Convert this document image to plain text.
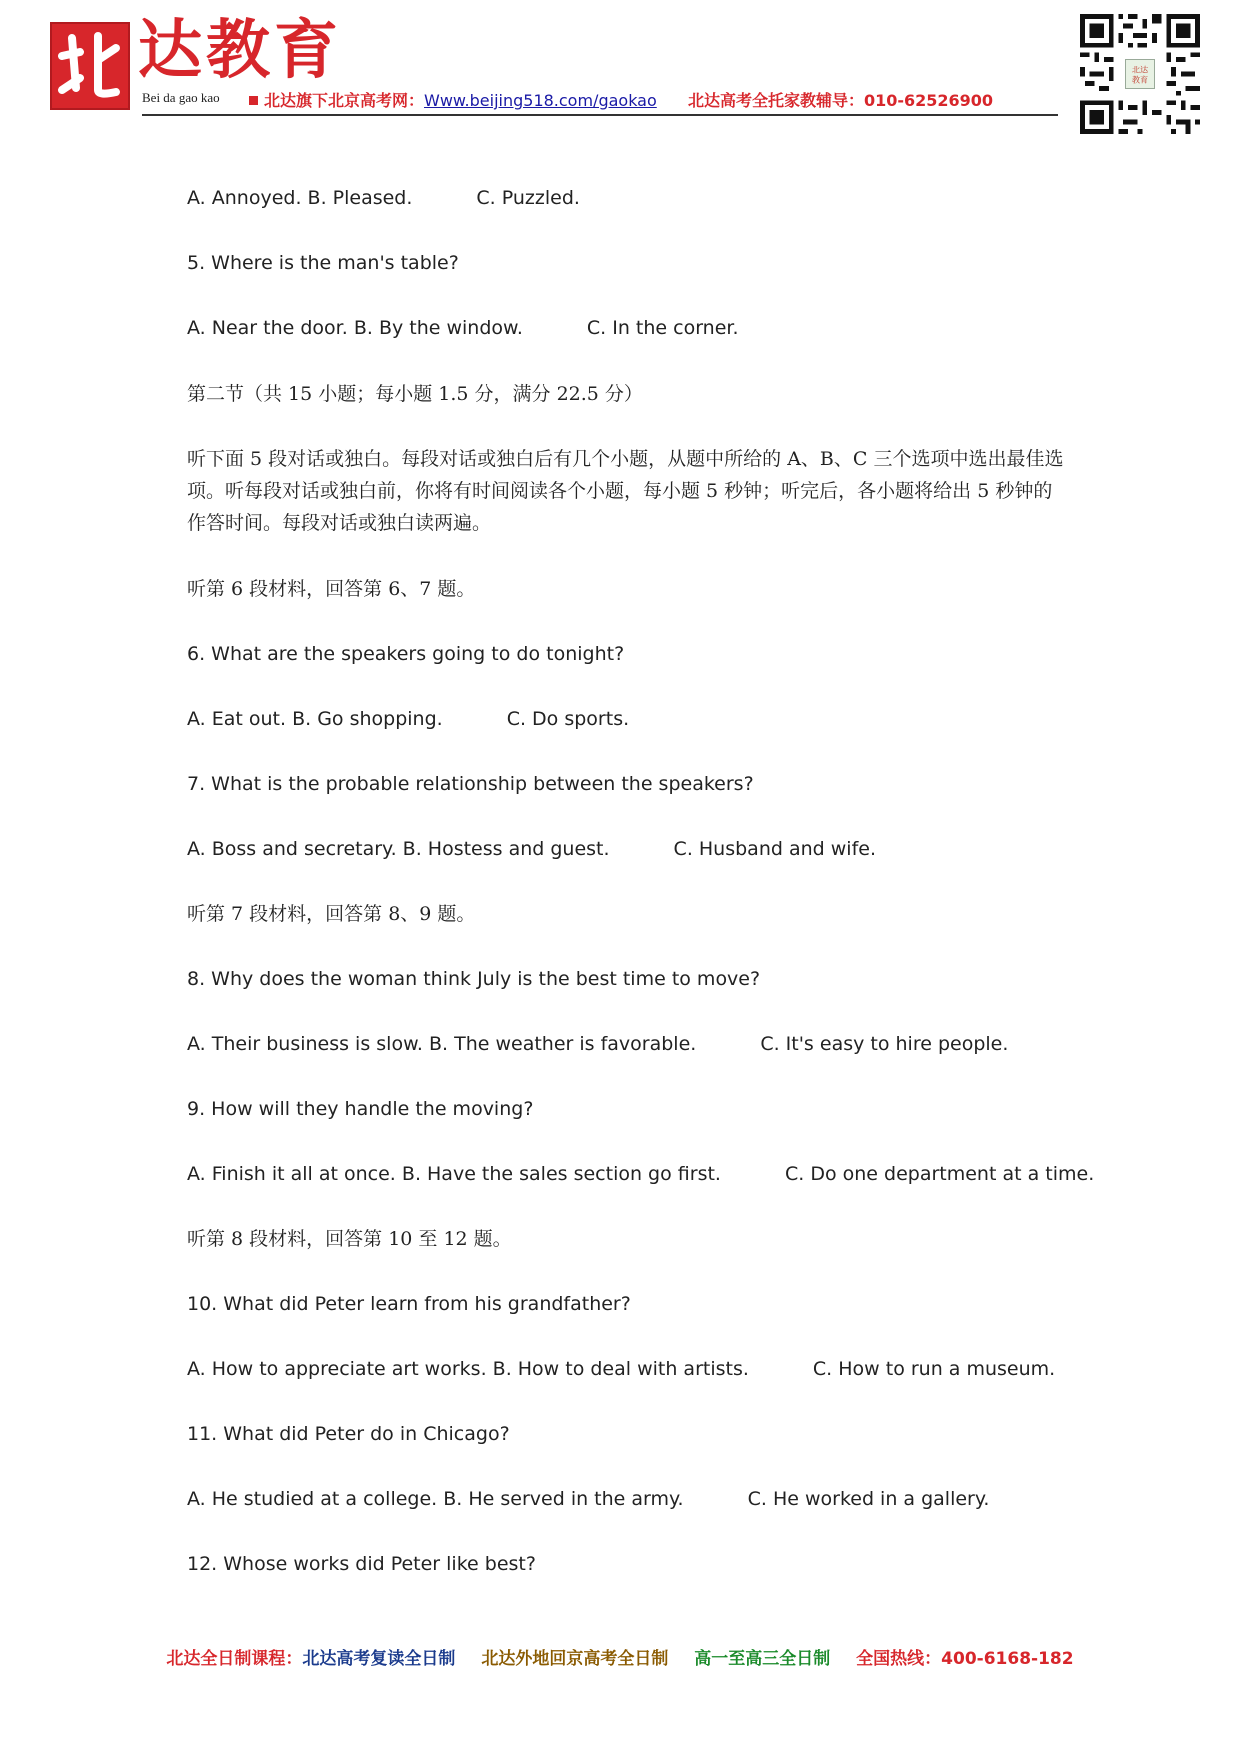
达教育
Bei da gao kao	北达旗下北京高考网：Www.beijing518.com/gaokao 北达高考全托家教辅导：010-62526900
北达
教育
A. Annoyed. B. Pleased.	C. Puzzled.
5. Where is the man's table?
A. Near the door. B. By the window.	C. In the corner.
第二节（共 15 小题；每小题 1.5 分，满分 22.5 分）
听下面 5 段对话或独白。每段对话或独白后有几个小题，从题中所给的 A、B、C 三个选项中选出最佳选项。听每段对话或独白前，你将有时间阅读各个小题，每小题 5 秒钟；听完后，各小题将给出 5 秒钟的作答时间。每段对话或独白读两遍。
听第 6 段材料，回答第 6、7 题。
6. What are the speakers going to do tonight?
A. Eat out. B. Go shopping.	C. Do sports.
7. What is the probable relationship between the speakers?
A. Boss and secretary. B. Hostess and guest.	C. Husband and wife.
听第 7 段材料，回答第 8、9 题。
8. Why does the woman think July is the best time to move?
A. Their business is slow. B. The weather is favorable.	C. It's easy to hire people.
9. How will they handle the moving?
A. Finish it all at once. B. Have the sales section go first.	C. Do one department at a time.
听第 8 段材料，回答第 10 至 12 题。
10. What did Peter learn from his grandfather?
A. How to appreciate art works. B. How to deal with artists.	C. How to run a museum.
11. What did Peter do in Chicago?
A. He studied at a college. B. He served in the army.	C. He worked in a gallery.
12. Whose works did Peter like best?
北达全日制课程：北达高考复读全日制 北达外地回京高考全日制 高一至高三全日制 全国热线：400-6168-182
